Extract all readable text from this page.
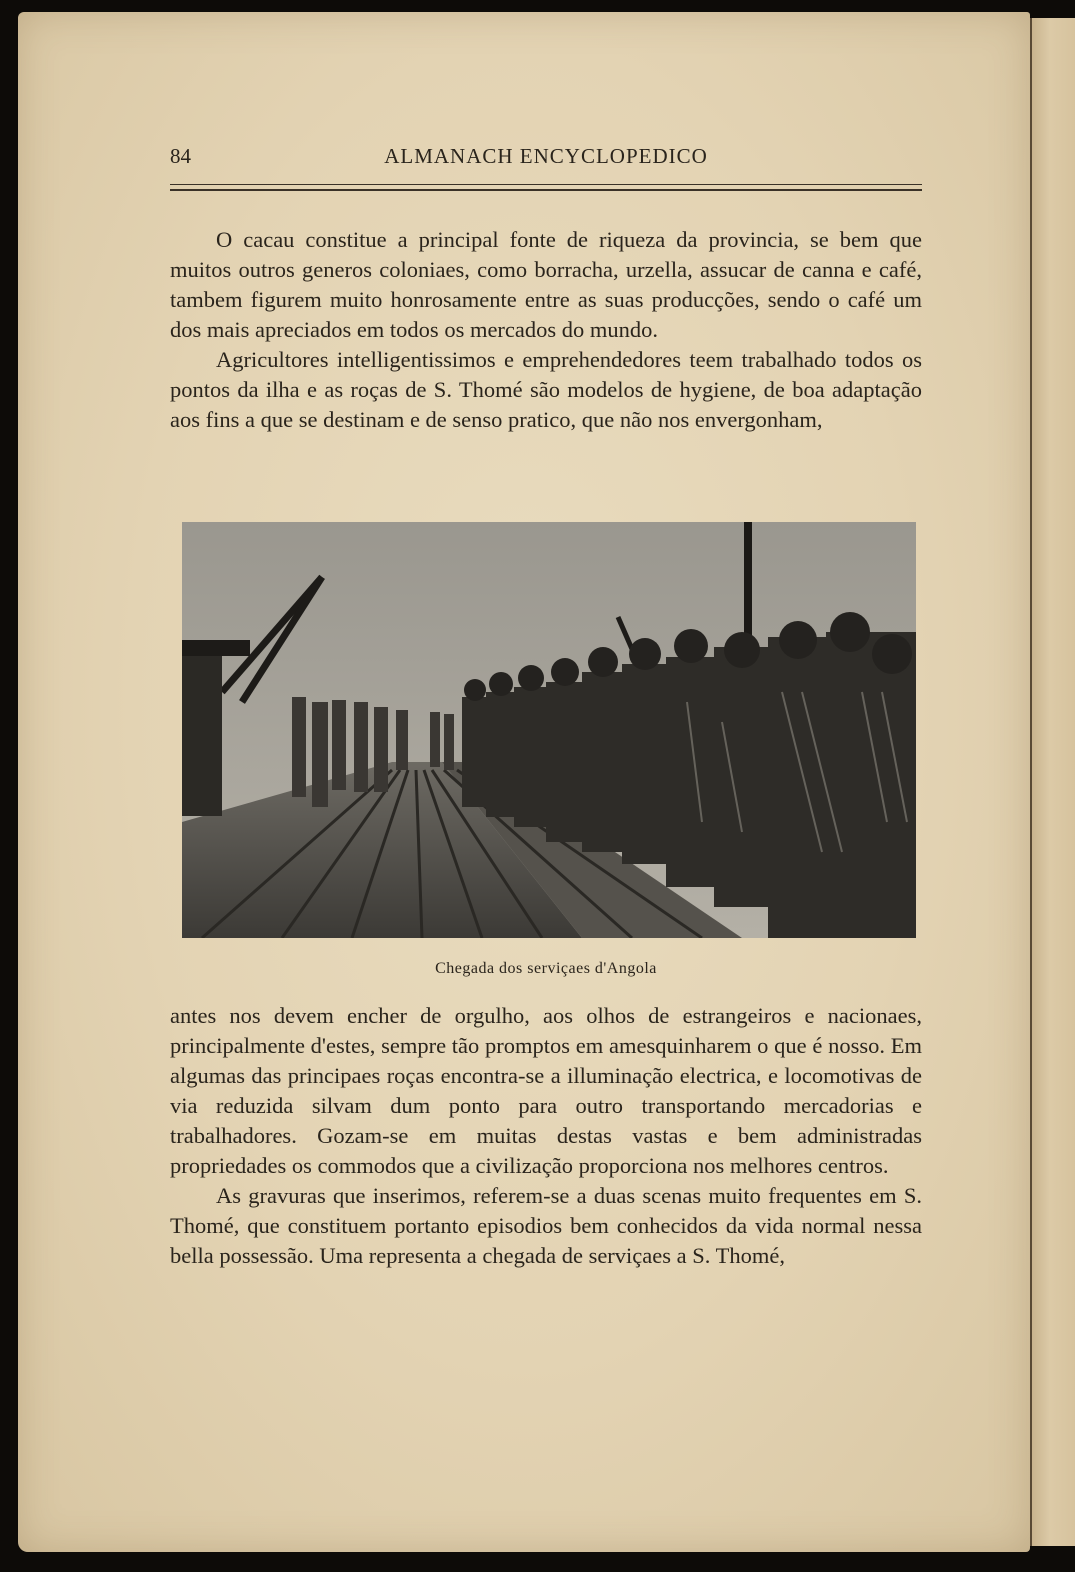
84	ALMANACH ENCYCLOPEDICO

O cacau constitue a principal fonte de riqueza da provincia, se bem que muitos outros generos coloniaes, como borracha, urzella, assucar de canna e café, tambem figurem muito honrosamente entre as suas producções, sendo o café um dos mais apreciados em todos os mercados do mundo.

Agricultores intelligentissimos e emprehendedores teem trabalhado todos os pontos da ilha e as roças de S. Thomé são modelos de hygiene, de boa adaptação aos fins a que se destinam e de senso pratico, que não nos envergonham,

Chegada dos serviçaes d'Angola

antes nos devem encher de orgulho, aos olhos de estrangeiros e nacionaes, principalmente d'estes, sempre tão promptos em amesquinharem o que é nosso. Em algumas das principaes roças encontra-se a illuminação electrica, e locomotivas de via reduzida silvam dum ponto para outro transportando mercadorias e trabalhadores. Gozam-se em muitas destas vastas e bem administradas propriedades os commodos que a civilização proporciona nos melhores centros.

As gravuras que inserimos, referem-se a duas scenas muito frequentes em S. Thomé, que constituem portanto episodios bem conhecidos da vida normal nessa bella possessão. Uma representa a chegada de serviçaes a S. Thomé,
